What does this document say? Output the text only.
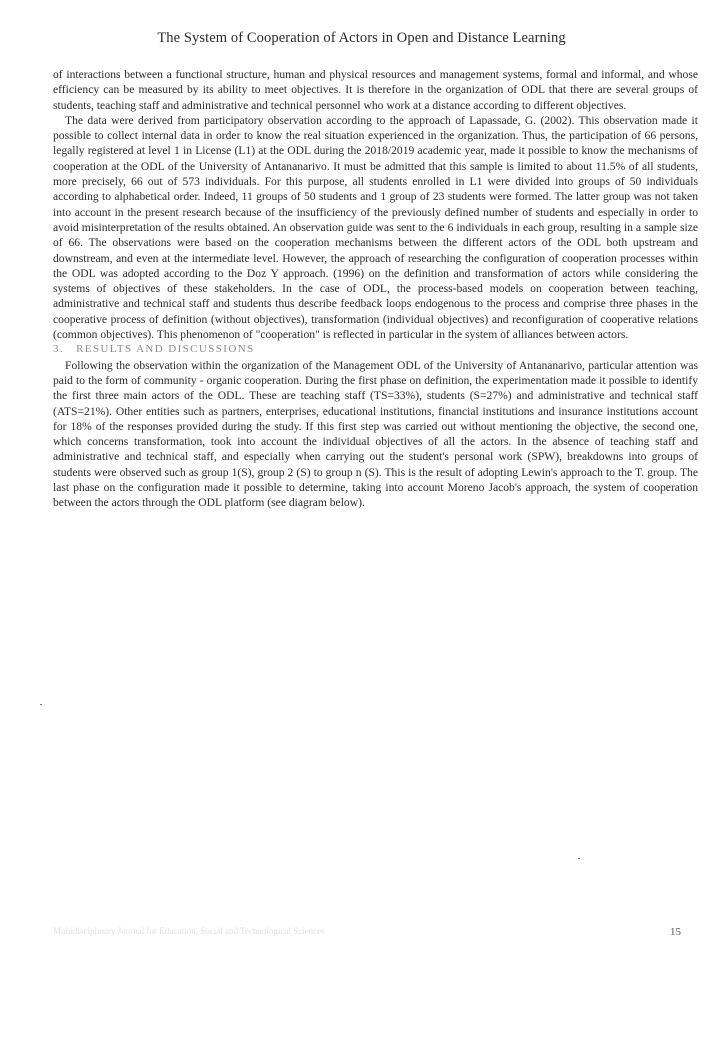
The System of Cooperation of Actors in Open and Distance Learning

of interactions between a functional structure, human and physical resources and management systems, formal and informal, and whose efficiency can be measured by its ability to meet objectives. It is therefore in the organization of ODL that there are several groups of students, teaching staff and administrative and technical personnel who work at a distance according to different objectives.

The data were derived from participatory observation according to the approach of Lapassade, G. (2002). This observation made it possible to collect internal data in order to know the real situation experienced in the organization. Thus, the participation of 66 persons, legally registered at level 1 in License (L1) at the ODL during the 2018/2019 academic year, made it possible to know the mechanisms of cooperation at the ODL of the University of Antananarivo. It must be admitted that this sample is limited to about 11.5% of all students, more precisely, 66 out of 573 individuals. For this purpose, all students enrolled in L1 were divided into groups of 50 individuals according to alphabetical order. Indeed, 11 groups of 50 students and 1 group of 23 students were formed. The latter group was not taken into account in the present research because of the insufficiency of the previously defined number of students and especially in order to avoid misinterpretation of the results obtained. An observation guide was sent to the 6 individuals in each group, resulting in a sample size of 66. The observations were based on the cooperation mechanisms between the different actors of the ODL both upstream and downstream, and even at the intermediate level. However, the approach of researching the configuration of cooperation processes within the ODL was adopted according to the Doz Y approach. (1996) on the definition and transformation of actors while considering the systems of objectives of these stakeholders. In the case of ODL, the process-based models on cooperation between teaching, administrative and technical staff and students thus describe feedback loops endogenous to the process and comprise three phases in the cooperative process of definition (without objectives), transformation (individual objectives) and reconfiguration of cooperative relations (common objectives). This phenomenon of "cooperation" is reflected in particular in the system of alliances between actors.

3. RESULTS AND DISCUSSIONS

Following the observation within the organization of the Management ODL of the University of Antananarivo, particular attention was paid to the form of community - organic cooperation. During the first phase on definition, the experimentation made it possible to identify the first three main actors of the ODL. These are teaching staff (TS=33%), students (S=27%) and administrative and technical staff (ATS=21%). Other entities such as partners, enterprises, educational institutions, financial institutions and insurance institutions account for 18% of the responses provided during the study. If this first step was carried out without mentioning the objective, the second one, which concerns transformation, took into account the individual objectives of all the actors. In the absence of teaching staff and administrative and technical staff, and especially when carrying out the student's personal work (SPW), breakdowns into groups of students were observed such as group 1(S), group 2 (S) to group n (S). This is the result of adopting Lewin's approach to the T. group. The last phase on the configuration made it possible to determine, taking into account Moreno Jacob's approach, the system of cooperation between the actors through the ODL platform (see diagram below).

Multidisciplinary Journal for Education, Social and Technological Sciences	15
